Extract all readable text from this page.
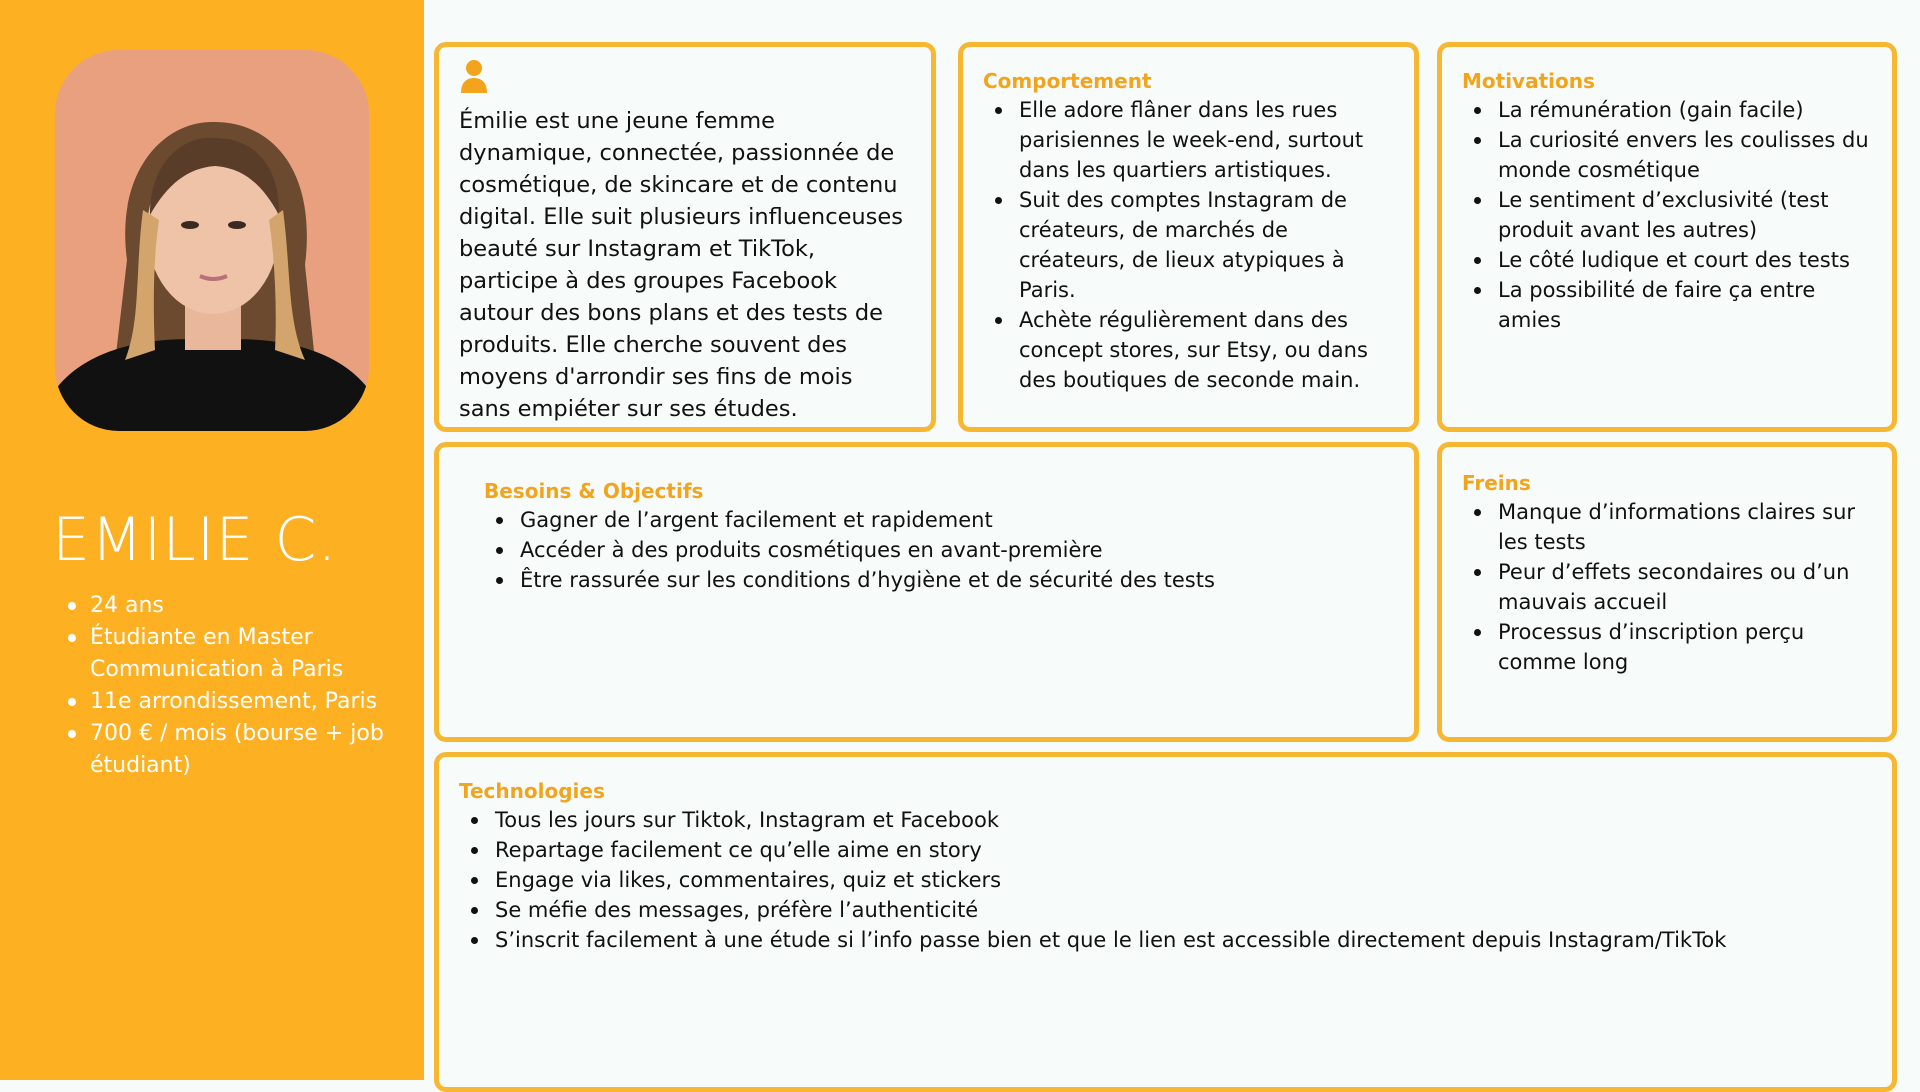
EMILIE C.
24 ans
Étudiante en Master Communication à Paris
11e arrondissement, Paris
700 € / mois (bourse + job étudiant)
Émilie est une jeune femme dynamique, connectée, passionnée de cosmétique, de skincare et de contenu digital. Elle suit plusieurs influenceuses beauté sur Instagram et TikTok, participe à des groupes Facebook autour des bons plans et des tests de produits. Elle cherche souvent des moyens d'arrondir ses fins de mois sans empiéter sur ses études.
Comportement
Elle adore flâner dans les rues parisiennes le week-end, surtout dans les quartiers artistiques.
Suit des comptes Instagram de créateurs, de marchés de créateurs, de lieux atypiques à Paris.
Achète régulièrement dans des concept stores, sur Etsy, ou dans des boutiques de seconde main.
Motivations
La rémunération (gain facile)
La curiosité envers les coulisses du monde cosmétique
Le sentiment d’exclusivité (test produit avant les autres)
Le côté ludique et court des tests
La possibilité de faire ça entre amies
Besoins & Objectifs
Gagner de l’argent facilement et rapidement
Accéder à des produits cosmétiques en avant-première
Être rassurée sur les conditions d’hygiène et de sécurité des tests
Freins
Manque d’informations claires sur les tests
Peur d’effets secondaires ou d’un mauvais accueil
Processus d’inscription perçu comme long
Technologies
Tous les jours sur Tiktok, Instagram et Facebook
Repartage facilement ce qu’elle aime en story
Engage via likes, commentaires, quiz et stickers
Se méfie des messages, préfère l’authenticité
S’inscrit facilement à une étude si l’info passe bien et que le lien est accessible directement depuis Instagram/TikTok
